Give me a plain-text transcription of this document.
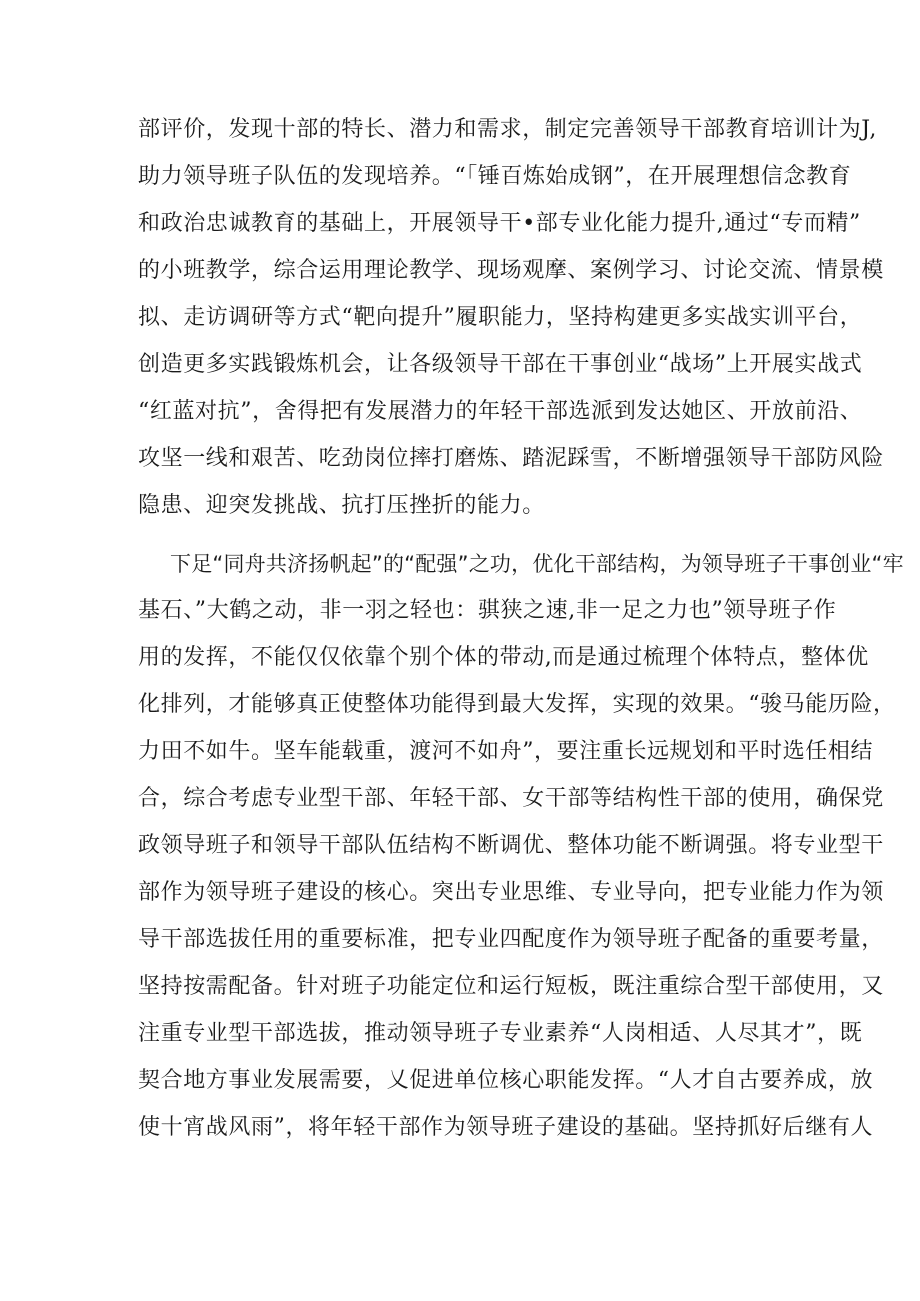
部评价，发现十部的特长、潜力和需求，制定完善领导干部教育培训计为J,
助力领导班子队伍的发现培养。“「锤百炼始成钢”，在开展理想信念教育
和政治忠诚教育的基础上，开展领导干•部专业化能力提升,通过“专而精”
的小班教学，综合运用理论教学、现场观摩、案例学习、讨论交流、情景模
拟、走访调研等方式“靶向提升”履职能力，坚持构建更多实战实训平台，
创造更多实践锻炼机会，让各级领导干部在干事创业“战场”上开展实战式
“红蓝对抗”，舍得把有发展潜力的年轻干部选派到发达她区、开放前沿、
攻坚一线和艰苦、吃劲岗位摔打磨炼、踏泥踩雪，不断增强领导干部防风险
隐患、迎突发挑战、抗打压挫折的能力。
下足“同舟共济扬帆起”的“配强”之功，优化干部结构，为领导班子干事创业“牢
基石、”大鹤之动，非一羽之轻也：骐狭之速,非一足之力也”领导班子作
用的发挥，不能仅仅依靠个别个体的带动,而是通过梳理个体特点，整体优
化排列，才能够真正使整体功能得到最大发挥，实现的效果。“骏马能历险，
力田不如牛。坚车能载重，渡河不如舟”，要注重长远规划和平时选任相结
合，综合考虑专业型干部、年轻干部、女干部等结构性干部的使用，确保党
政领导班子和领导干部队伍结构不断调优、整体功能不断调强。将专业型干
部作为领导班子建设的核心。突出专业思维、专业导向，把专业能力作为领
导干部选拔任用的重要标准，把专业四配度作为领导班子配备的重要考量，
坚持按需配备。针对班子功能定位和运行短板，既注重综合型干部使用，又
注重专业型干部选拔，推动领导班子专业素养“人岗相适、人尽其才”，既
契合地方事业发展需要，乂促进单位核心职能发挥。“人才自古要养成，放
使十宵战风雨”，将年轻干部作为领导班子建设的基础。坚持抓好后继有人
